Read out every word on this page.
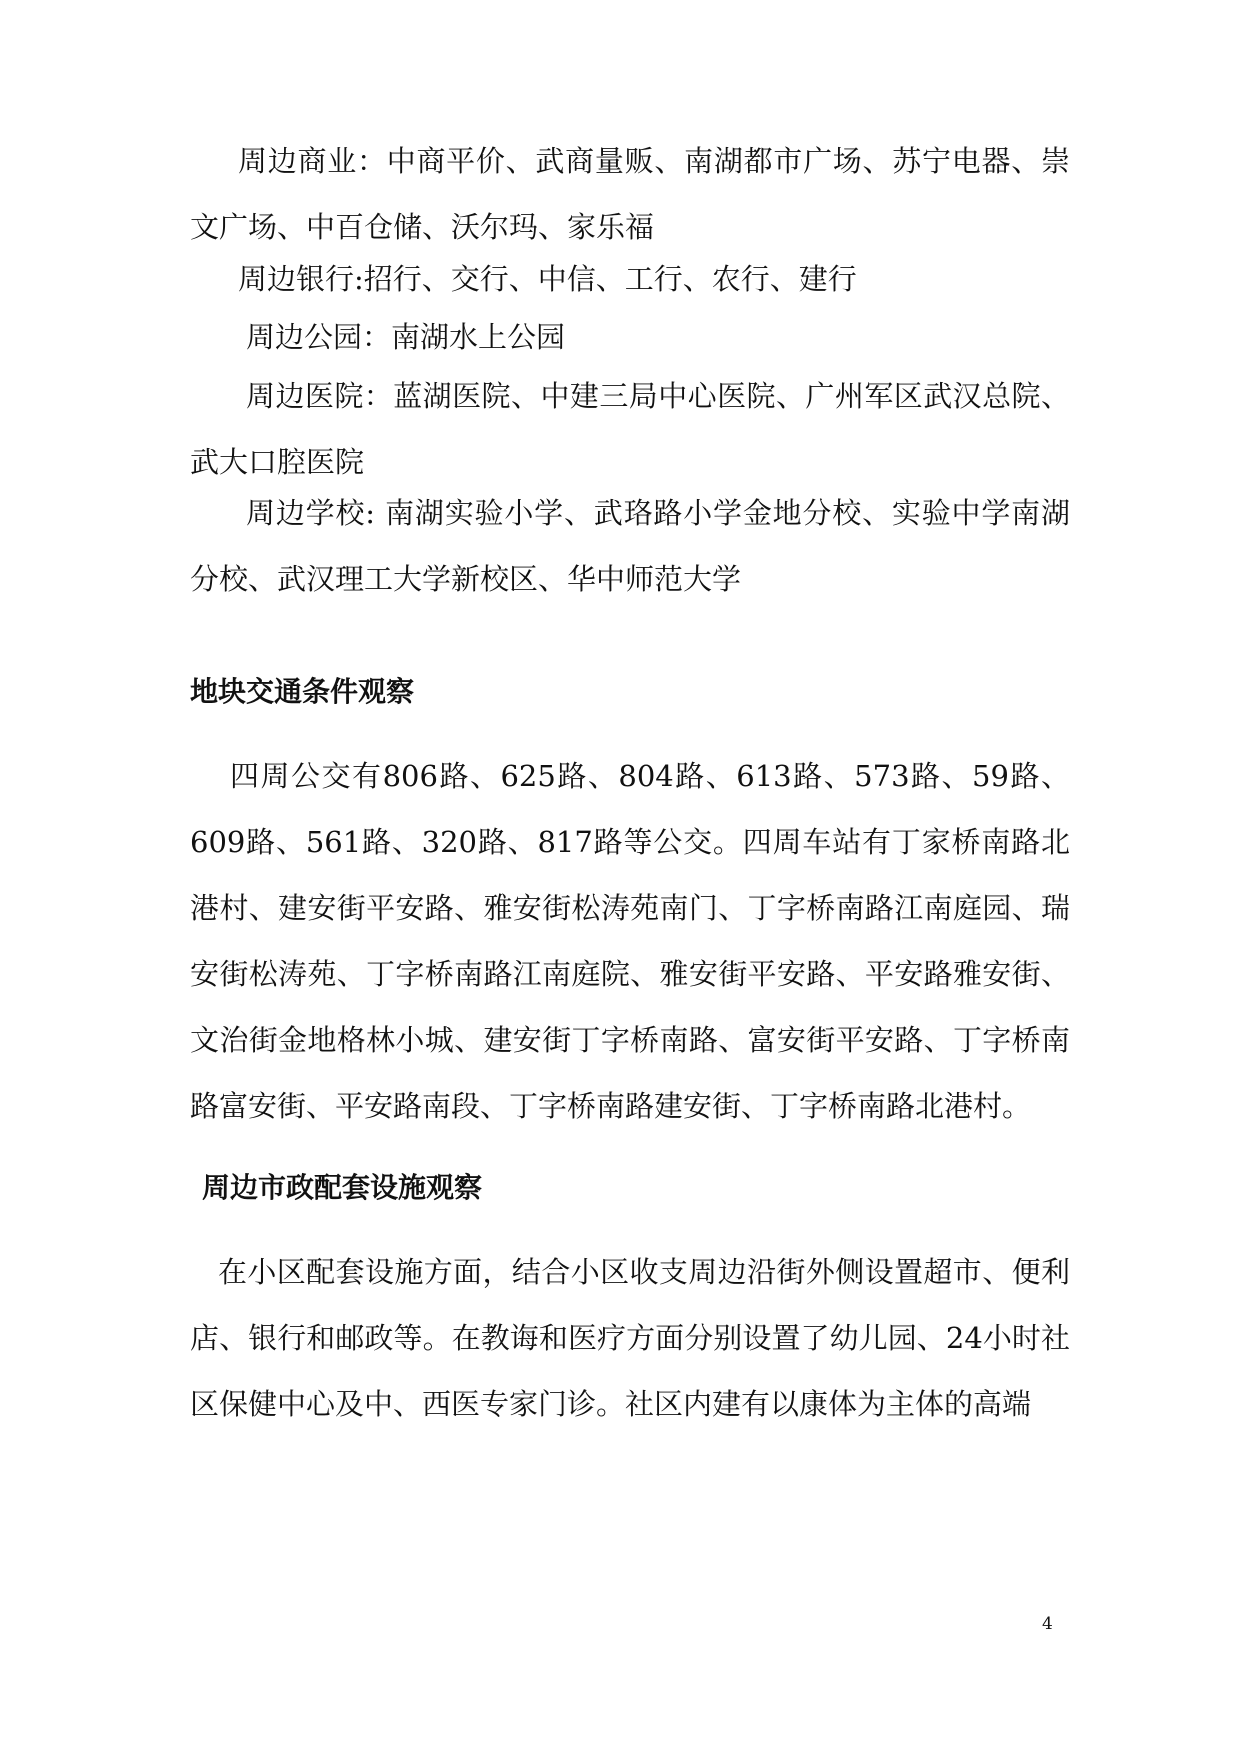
周边商业：中商平价、武商量贩、南湖都市广场、苏宁电器、崇文广场、中百仓储、沃尔玛、家乐福

周边银行:招行、交行、中信、工行、农行、建行

周边公园：南湖水上公园

周边医院：蓝湖医院、中建三局中心医院、广州军区武汉总院、武大口腔医院

周边学校: 南湖实验小学、武珞路小学金地分校、实验中学南湖分校、武汉理工大学新校区、华中师范大学

地块交通条件观察

四周公交有806路、625路、804路、613路、573路、59路、609路、561路、320路、817路等公交。四周车站有丁家桥南路北港村、建安街平安路、雅安街松涛苑南门、丁字桥南路江南庭园、瑞安街松涛苑、丁字桥南路江南庭院、雅安街平安路、平安路雅安街、文治街金地格林小城、建安街丁字桥南路、富安街平安路、丁字桥南路富安街、平安路南段、丁字桥南路建安街、丁字桥南路北港村。

周边市政配套设施观察

在小区配套设施方面，结合小区收支周边沿街外侧设置超市、便利店、银行和邮政等。在教诲和医疗方面分别设置了幼儿园、24小时社区保健中心及中、西医专家门诊。社区内建有以康体为主体的高端

4
